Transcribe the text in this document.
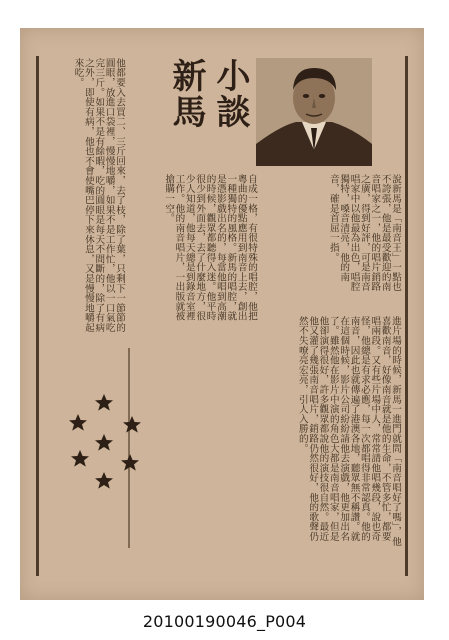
小談
新馬
說新馬是「南音王」一點也不誇張，他是最受歡迎的南音唱家之一，他的唱片銷路之廣，得到好評，可是南音唱家中以他最為出色，唱腔獨特，嗓音清亮，他的南音，確是首屈一指。
自成一格，有很特殊的唱腔，他把粵曲的優點應用到南音上去，創出一種獨特的風格。新馬的唱腔，就是憑影戲出名的，每當他唱到高潮的時候，觀眾都聽得入迷。他平時很少到外面去，去了什麼地方，很少人知道，他每天總是到錄音室裡工作。他的南音唱片，一出版就被搶購一空。
他都要入去買二、三斤回來，去了枝，除了葉，只剩下一節節的圓眼，放進口袋裡，慢慢地嚼，如果不是工作忙，他以一口氣吃完三斤。如果不是有餘暇，吃的圓眼是每天不間斷的，除了有病之外，即使有病，他也不會使嘴巴停下來休息，又是慢慢地嚼起來吃。
進片場的時候，新馬一進門就問「南音唱好了嗎」，他喜歡南音，好像南音就是他的生命，不管多忙，都要唱兩段。又有些片場中人，常常請他唱幾段，說也奇怪，他總是有求必應，每一次都唱得非常認真。他的南音，因此也就傳遍了港澳各地，聽眾無不稱讚。就在這個時候，影片公司紛紛請他去演戲，他更加出名了。雖然他在影片中演的角色大都是南音唱家，但是他卻演得很好，許多觀眾都說他的演技很自然。最近他又灌了幾張南音唱片，銷路仍然很好，他的歌聲仍然不失嘹亮宏亮，引人入勝的。
20100190046_P004
